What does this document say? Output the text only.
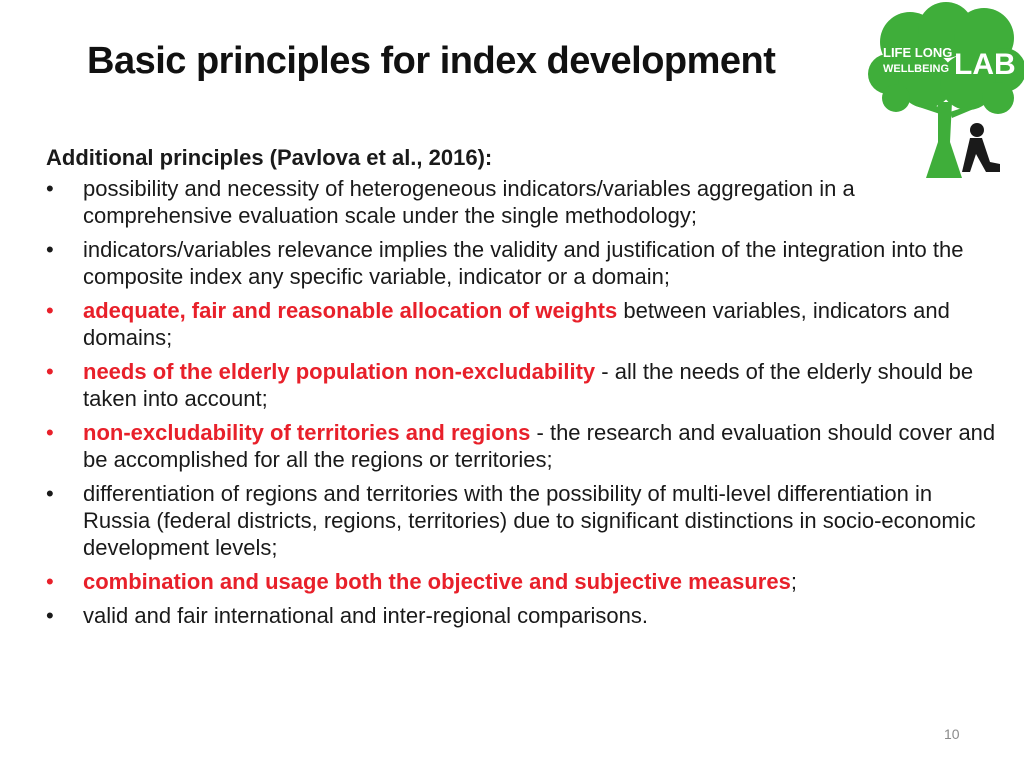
Basic principles for index development	LIFE LONG
WELLBEING LAB

Additional principles (Pavlova et al., 2016):

•	possibility and necessity of heterogeneous indicators/variables aggregation in a comprehensive evaluation scale under the single methodology;
•	indicators/variables relevance implies the validity and justification of the integration into the composite index any specific variable, indicator or a domain;
•	adequate, fair and reasonable allocation of weights between variables, indicators and domains;
•	needs of the elderly population non-excludability - all the needs of the elderly should be taken into account;
•	non-excludability of territories and regions - the research and evaluation should cover and be accomplished for all the regions or territories;
•	differentiation of regions and territories with the possibility of multi-level differentiation in Russia (federal districts, regions, territories) due to significant distinctions in socio-economic development levels;
•	combination and usage both the objective and subjective measures;
•	valid and fair international and inter-regional comparisons.
10
